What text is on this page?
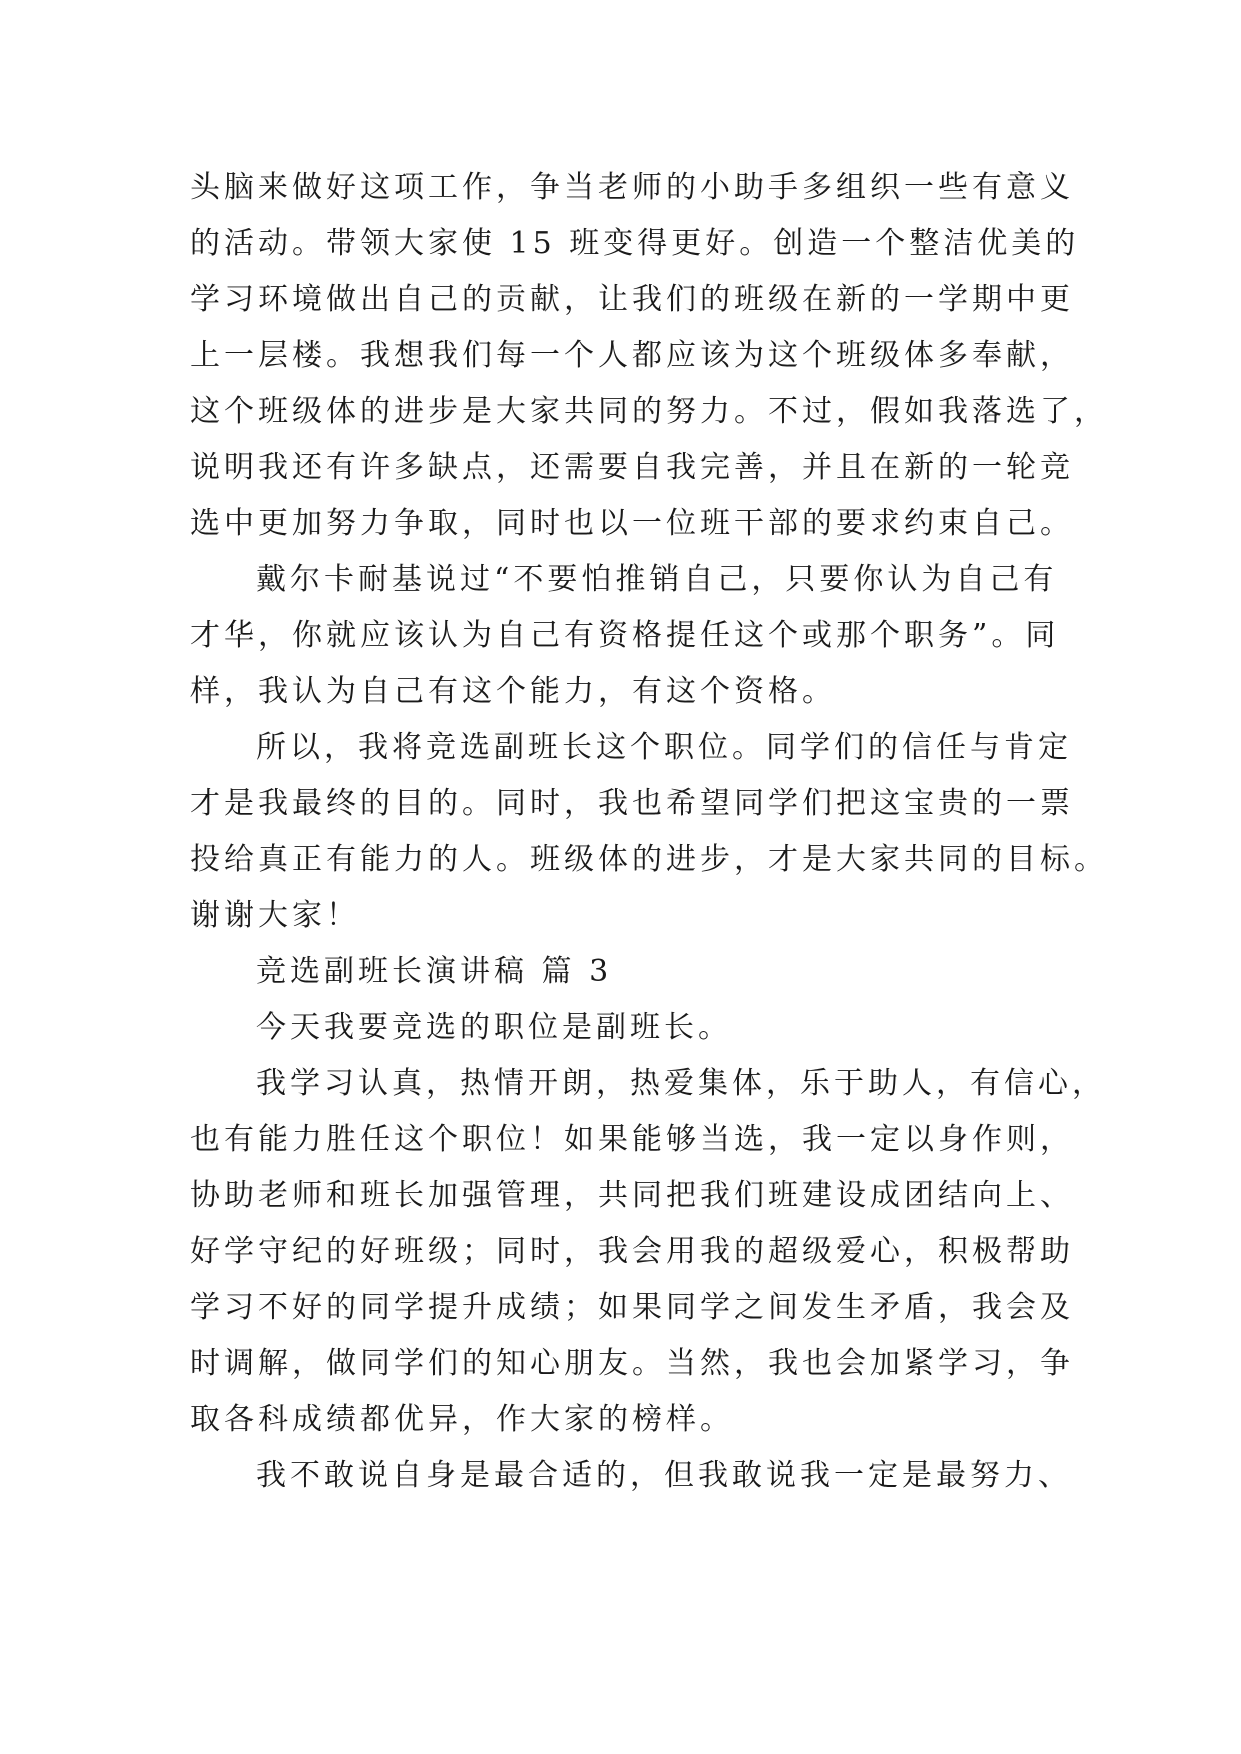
头脑来做好这项工作，争当老师的小助手多组织一些有意义
的活动。带领大家使 15 班变得更好。创造一个整洁优美的
学习环境做出自己的贡献，让我们的班级在新的一学期中更
上一层楼。我想我们每一个人都应该为这个班级体多奉献，
这个班级体的进步是大家共同的努力。不过，假如我落选了，
说明我还有许多缺点，还需要自我完善，并且在新的一轮竞
选中更加努力争取，同时也以一位班干部的要求约束自己。
戴尔卡耐基说过“不要怕推销自己，只要你认为自己有
才华，你就应该认为自己有资格提任这个或那个职务”。同
样，我认为自己有这个能力，有这个资格。
所以，我将竞选副班长这个职位。同学们的信任与肯定
才是我最终的目的。同时，我也希望同学们把这宝贵的一票
投给真正有能力的人。班级体的进步，才是大家共同的目标。
谢谢大家！
竞选副班长演讲稿 篇 3
今天我要竞选的职位是副班长。
我学习认真，热情开朗，热爱集体，乐于助人，有信心，
也有能力胜任这个职位！如果能够当选，我一定以身作则，
协助老师和班长加强管理，共同把我们班建设成团结向上、
好学守纪的好班级；同时，我会用我的超级爱心，积极帮助
学习不好的同学提升成绩；如果同学之间发生矛盾，我会及
时调解，做同学们的知心朋友。当然，我也会加紧学习，争
取各科成绩都优异，作大家的榜样。
我不敢说自身是最合适的，但我敢说我一定是最努力、
